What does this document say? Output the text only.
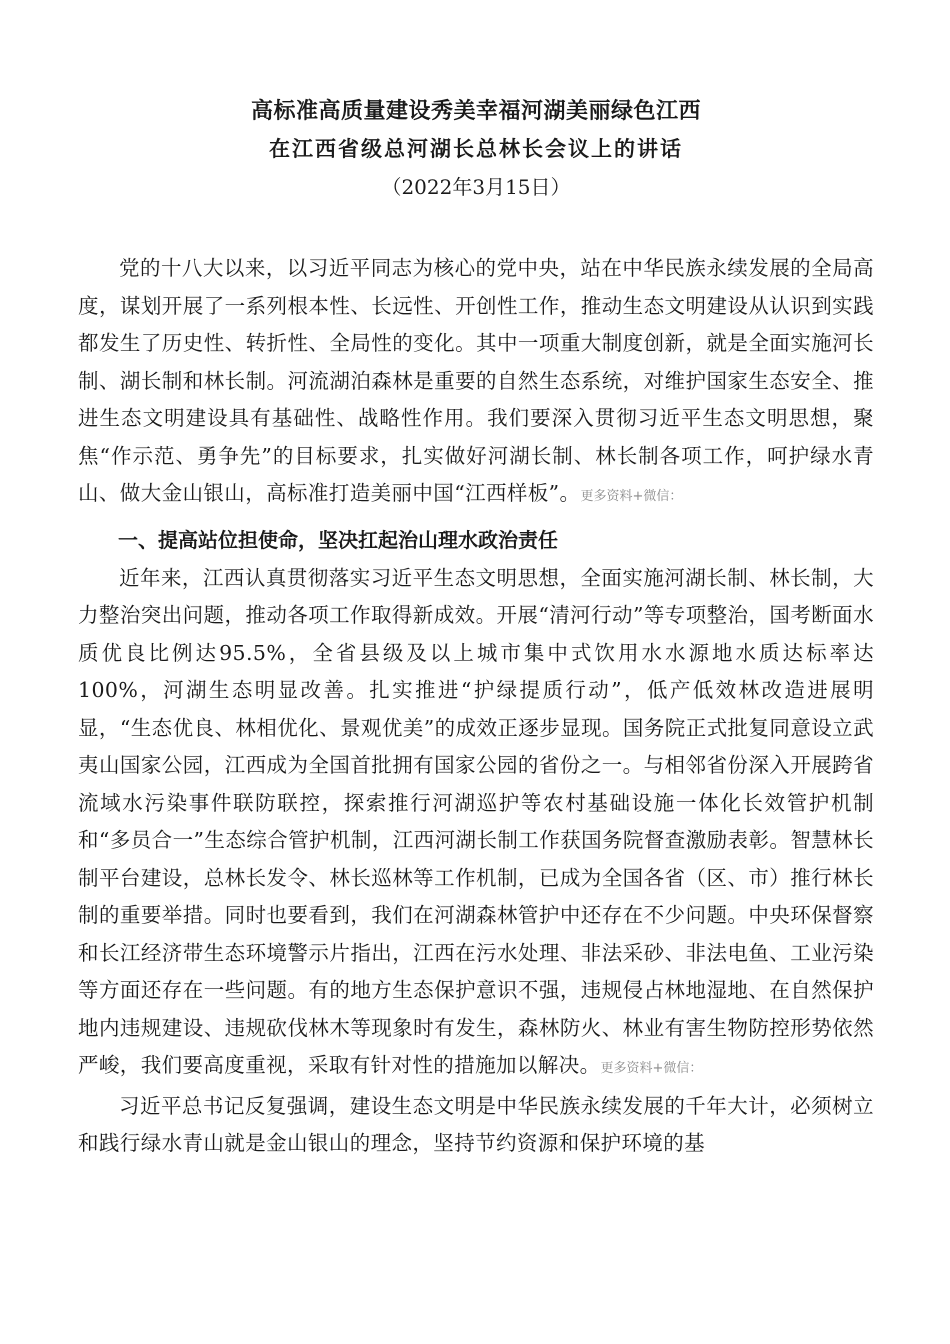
高标准高质量建设秀美幸福河湖美丽绿色江西
在江西省级总河湖长总林长会议上的讲话

（2022年3月15日）

党的十八大以来，以习近平同志为核心的党中央，站在中华民族永续发展的全局高度，谋划开展了一系列根本性、长远性、开创性工作，推动生态文明建设从认识到实践都发生了历史性、转折性、全局性的变化。其中一项重大制度创新，就是全面实施河长制、湖长制和林长制。河流湖泊森林是重要的自然生态系统，对维护国家生态安全、推进生态文明建设具有基础性、战略性作用。我们要深入贯彻习近平生态文明思想，聚焦“作示范、勇争先”的目标要求，扎实做好河湖长制、林长制各项工作，呵护绿水青山、做大金山银山，高标准打造美丽中国“江西样板”。更多资料+微信：

一、提高站位担使命，坚决扛起治山理水政治责任

近年来，江西认真贯彻落实习近平生态文明思想，全面实施河湖长制、林长制，大力整治突出问题，推动各项工作取得新成效。开展“清河行动”等专项整治，国考断面水质优良比例达95.5%，全省县级及以上城市集中式饮用水水源地水质达标率达100%，河湖生态明显改善。扎实推进“护绿提质行动”，低产低效林改造进展明显，“生态优良、林相优化、景观优美”的成效正逐步显现。国务院正式批复同意设立武夷山国家公园，江西成为全国首批拥有国家公园的省份之一。与相邻省份深入开展跨省流域水污染事件联防联控，探索推行河湖巡护等农村基础设施一体化长效管护机制和“多员合一”生态综合管护机制，江西河湖长制工作获国务院督查激励表彰。智慧林长制平台建设，总林长发令、林长巡林等工作机制，已成为全国各省（区、市）推行林长制的重要举措。同时也要看到，我们在河湖森林管护中还存在不少问题。中央环保督察和长江经济带生态环境警示片指出，江西在污水处理、非法采砂、非法电鱼、工业污染等方面还存在一些问题。有的地方生态保护意识不强，违规侵占林地湿地、在自然保护地内违规建设、违规砍伐林木等现象时有发生，森林防火、林业有害生物防控形势依然严峻，我们要高度重视，采取有针对性的措施加以解决。更多资料+微信：

习近平总书记反复强调，建设生态文明是中华民族永续发展的千年大计，必须树立和践行绿水青山就是金山银山的理念，坚持节约资源和保护环境的基
